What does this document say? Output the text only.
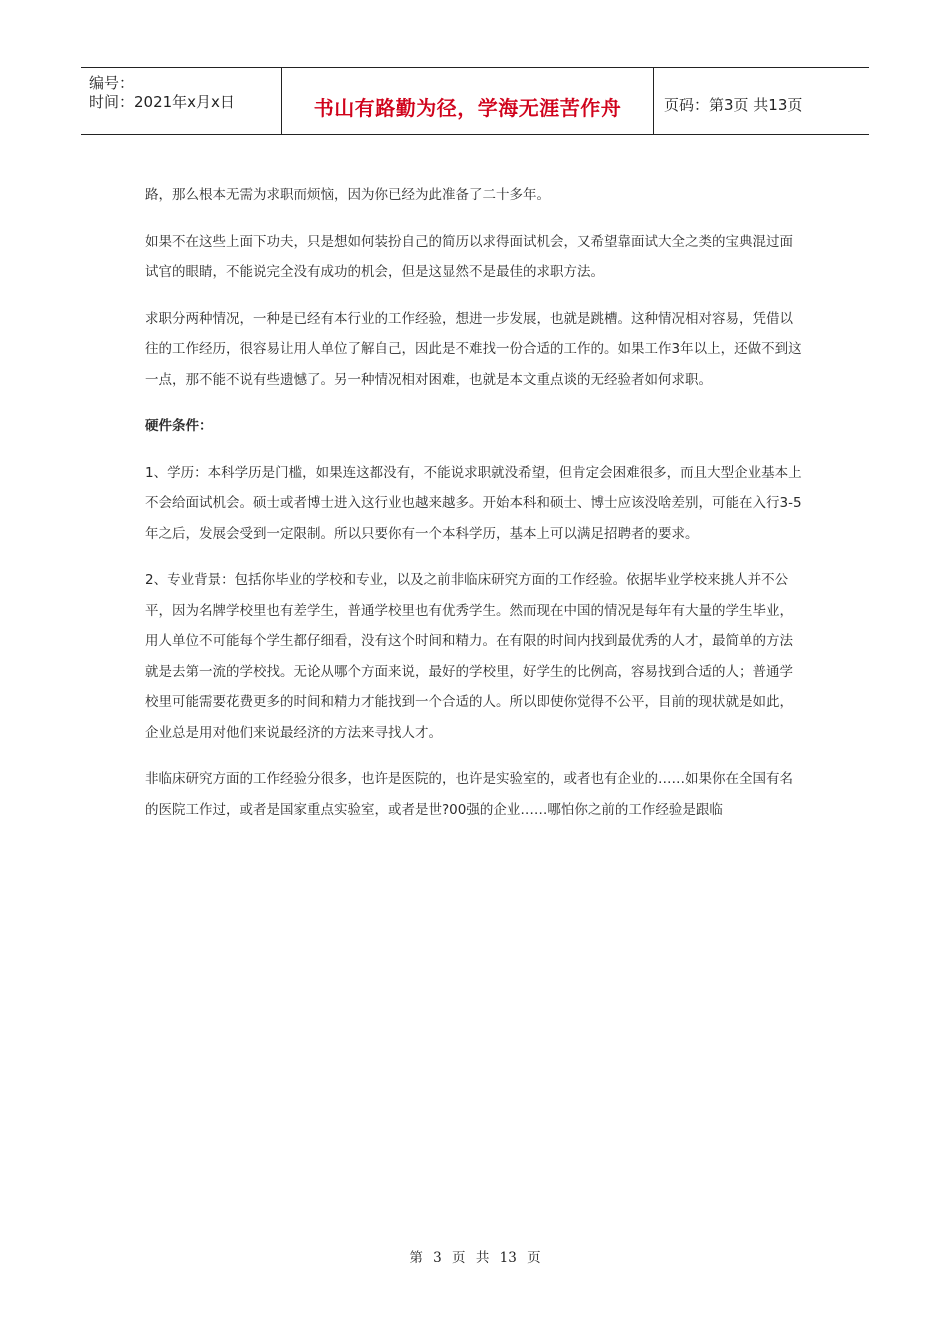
编号：
时间：2021年x月x日	书山有路勤为径，学海无涯苦作舟	页码：第3页 共13页

路，那么根本无需为求职而烦恼，因为你已经为此准备了二十多年。

如果不在这些上面下功夫，只是想如何装扮自己的简历以求得面试机会，又希望靠面试大全之类的宝典混过面试官的眼睛，不能说完全没有成功的机会，但是这显然不是最佳的求职方法。

求职分两种情况，一种是已经有本行业的工作经验，想进一步发展，也就是跳槽。这种情况相对容易，凭借以往的工作经历，很容易让用人单位了解自己，因此是不难找一份合适的工作的。如果工作3年以上，还做不到这一点，那不能不说有些遗憾了。另一种情况相对困难，也就是本文重点谈的无经验者如何求职。

硬件条件：

1、学历：本科学历是门槛，如果连这都没有，不能说求职就没希望，但肯定会困难很多，而且大型企业基本上不会给面试机会。硕士或者博士进入这行业也越来越多。开始本科和硕士、博士应该没啥差别，可能在入行3-5年之后，发展会受到一定限制。所以只要你有一个本科学历，基本上可以满足招聘者的要求。

2、专业背景：包括你毕业的学校和专业，以及之前非临床研究方面的工作经验。依据毕业学校来挑人并不公平，因为名牌学校里也有差学生，普通学校里也有优秀学生。然而现在中国的情况是每年有大量的学生毕业，用人单位不可能每个学生都仔细看，没有这个时间和精力。在有限的时间内找到最优秀的人才，最简单的方法就是去第一流的学校找。无论从哪个方面来说，最好的学校里，好学生的比例高，容易找到合适的人；普通学校里可能需要花费更多的时间和精力才能找到一个合适的人。所以即使你觉得不公平，目前的现状就是如此，企业总是用对他们来说最经济的方法来寻找人才。

非临床研究方面的工作经验分很多，也许是医院的，也许是实验室的，或者也有企业的……如果你在全国有名的医院工作过，或者是国家重点实验室，或者是世?00强的企业……哪怕你之前的工作经验是跟临

第 3 页 共 13 页
